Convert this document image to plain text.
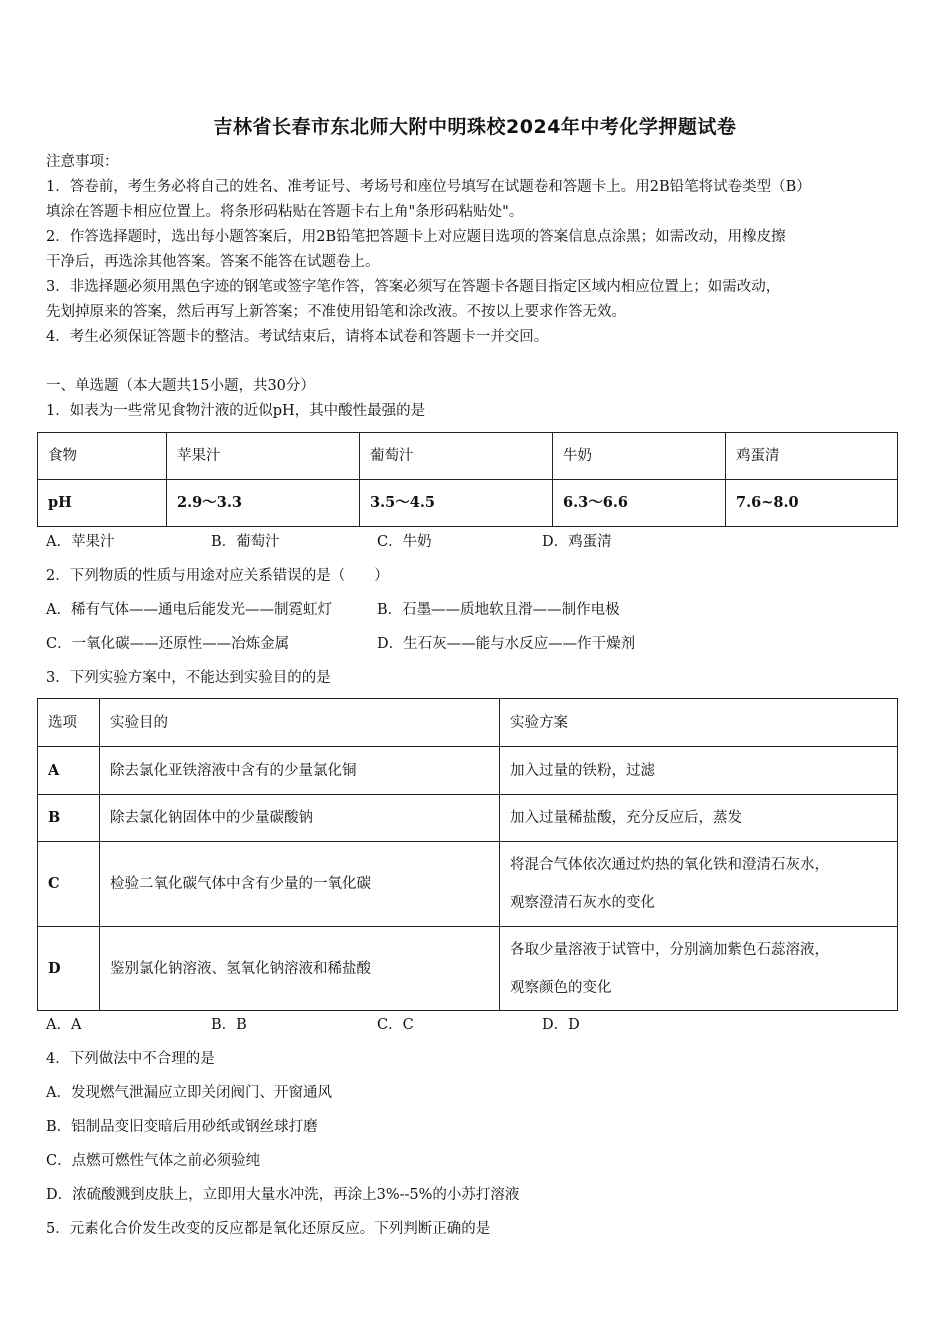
吉林省长春市东北师大附中明珠校2024年中考化学押题试卷
注意事项：
1．答卷前，考生务必将自己的姓名、准考证号、考场号和座位号填写在试题卷和答题卡上。用2B铅笔将试卷类型（B）
填涂在答题卡相应位置上。将条形码粘贴在答题卡右上角"条形码粘贴处"。
2．作答选择题时，选出每小题答案后，用2B铅笔把答题卡上对应题目选项的答案信息点涂黑；如需改动，用橡皮擦
干净后，再选涂其他答案。答案不能答在试题卷上。
3．非选择题必须用黑色字迹的钢笔或签字笔作答，答案必须写在答题卡各题目指定区域内相应位置上；如需改动，
先划掉原来的答案，然后再写上新答案；不准使用铅笔和涂改液。不按以上要求作答无效。
4．考生必须保证答题卡的整洁。考试结束后，请将本试卷和答题卡一并交回。
一、单选题（本大题共15小题，共30分）
1．如表为一些常见食物汁液的近似pH，其中酸性最强的是
食物	苹果汁	葡萄汁	牛奶	鸡蛋清
pH	2.9～3.3	3.5～4.5	6.3～6.6	7.6~8.0
A．苹果汁	B．葡萄汁	C．牛奶	D．鸡蛋清
2．下列物质的性质与用途对应关系错误的是（　　）
A．稀有气体——通电后能发光——制霓虹灯	B．石墨——质地软且滑——制作电极
C．一氧化碳——还原性——冶炼金属	D．生石灰——能与水反应——作干燥剂
3．下列实验方案中，不能达到实验目的的是
选项	实验目的	实验方案
A	除去氯化亚铁溶液中含有的少量氯化铜	加入过量的铁粉，过滤
B	除去氯化钠固体中的少量碳酸钠	加入过量稀盐酸，充分反应后，蒸发
C	检验二氧化碳气体中含有少量的一氧化碳	将混合气体依次通过灼热的氧化铁和澄清石灰水，
观察澄清石灰水的变化

D	鉴别氯化钠溶液、氢氧化钠溶液和稀盐酸	各取少量溶液于试管中，分别滴加紫色石蕊溶液，
观察颜色的变化
A．A	B．B	C．C	D．D
4．下列做法中不合理的是
A．发现燃气泄漏应立即关闭阀门、开窗通风
B．铝制品变旧变暗后用砂纸或钢丝球打磨
C．点燃可燃性气体之前必须验纯
D．浓硫酸溅到皮肤上，立即用大量水冲洗，再涂上3%--5%的小苏打溶液
5．元素化合价发生改变的反应都是氧化还原反应。下列判断正确的是
